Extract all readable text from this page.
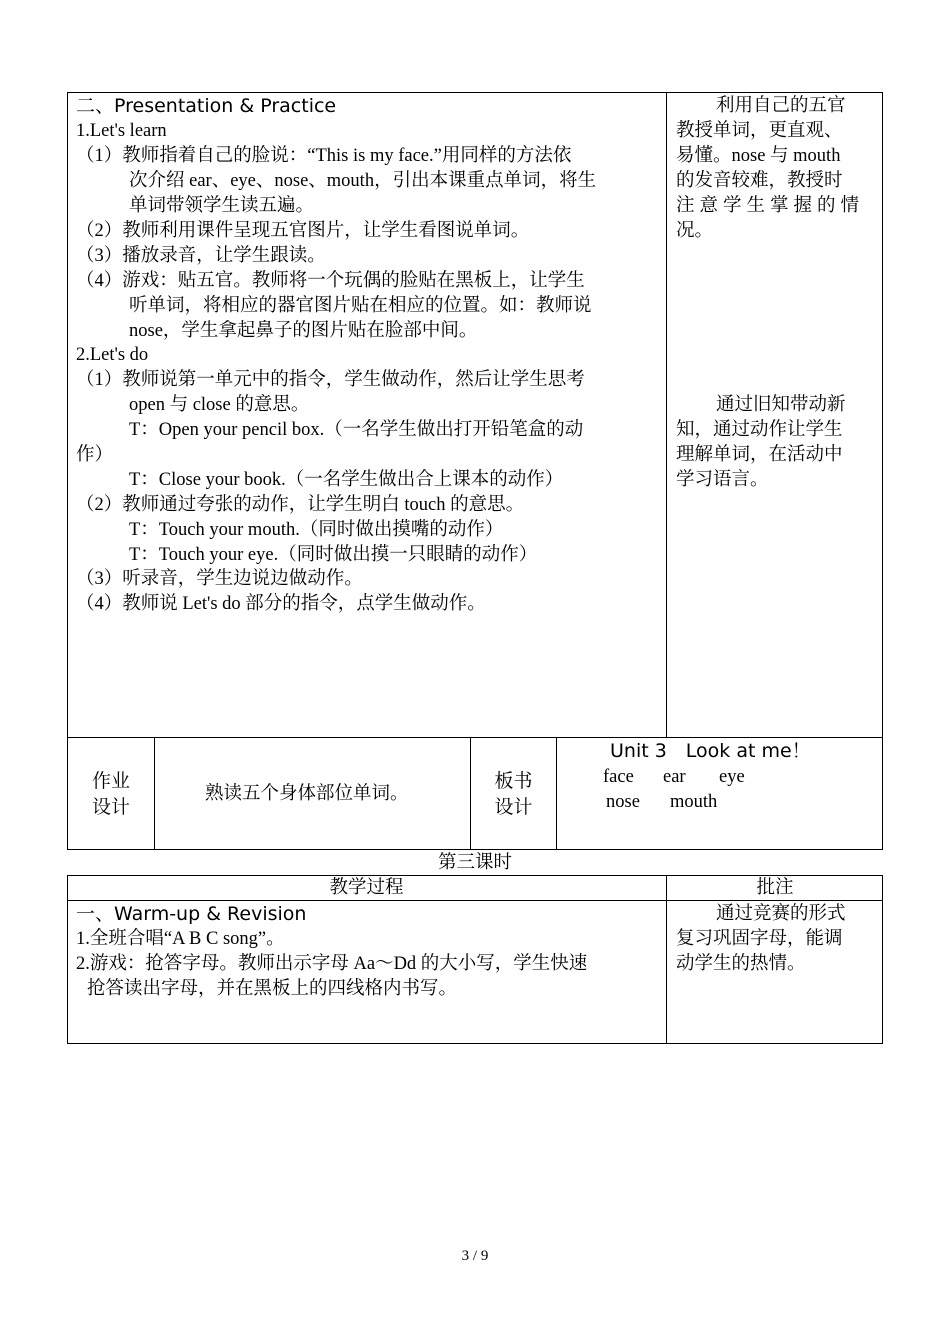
二、Presentation & Practice
1.Let's learn
（1）教师指着自己的脸说：“This is my face.”用同样的方法依
次介绍 ear、eye、nose、mouth，引出本课重点单词，将生
单词带领学生读五遍。
（2）教师利用课件呈现五官图片，让学生看图说单词。
（3）播放录音，让学生跟读。
（4）游戏：贴五官。教师将一个玩偶的脸贴在黑板上，让学生
听单词，将相应的器官图片贴在相应的位置。如：教师说
nose，学生拿起鼻子的图片贴在脸部中间。
2.Let's do
（1）教师说第一单元中的指令，学生做动作，然后让学生思考
open 与 close 的意思。
T：Open your pencil box.（一名学生做出打开铅笔盒的动
作）
T：Close your book.（一名学生做出合上课本的动作）
（2）教师通过夸张的动作，让学生明白 touch 的意思。
T：Touch your mouth.（同时做出摸嘴的动作）
T：Touch your eye.（同时做出摸一只眼睛的动作）
（3）听录音，学生边说边做动作。
（4）教师说 Let's do 部分的指令，点学生做动作。
利用自己的五官
教授单词，更直观、
易懂。nose 与 mouth
的发音较难，教授时
注意学生掌握的情
况。
通过旧知带动新
知，通过动作让学生
理解单词，在活动中
学习语言。
作业
设计
熟读五个身体部位单词。
板书
设计
Unit 3　Look at me！
face ear eye
nose mouth
第三课时
教学过程	批注
一、Warm-up & Revision
1.全班合唱“A B C song”。
2.游戏：抢答字母。教师出示字母 Aa～Dd 的大小写，学生快速
抢答读出字母，并在黑板上的四线格内书写。
通过竞赛的形式
复习巩固字母，能调
动学生的热情。
3 / 9
